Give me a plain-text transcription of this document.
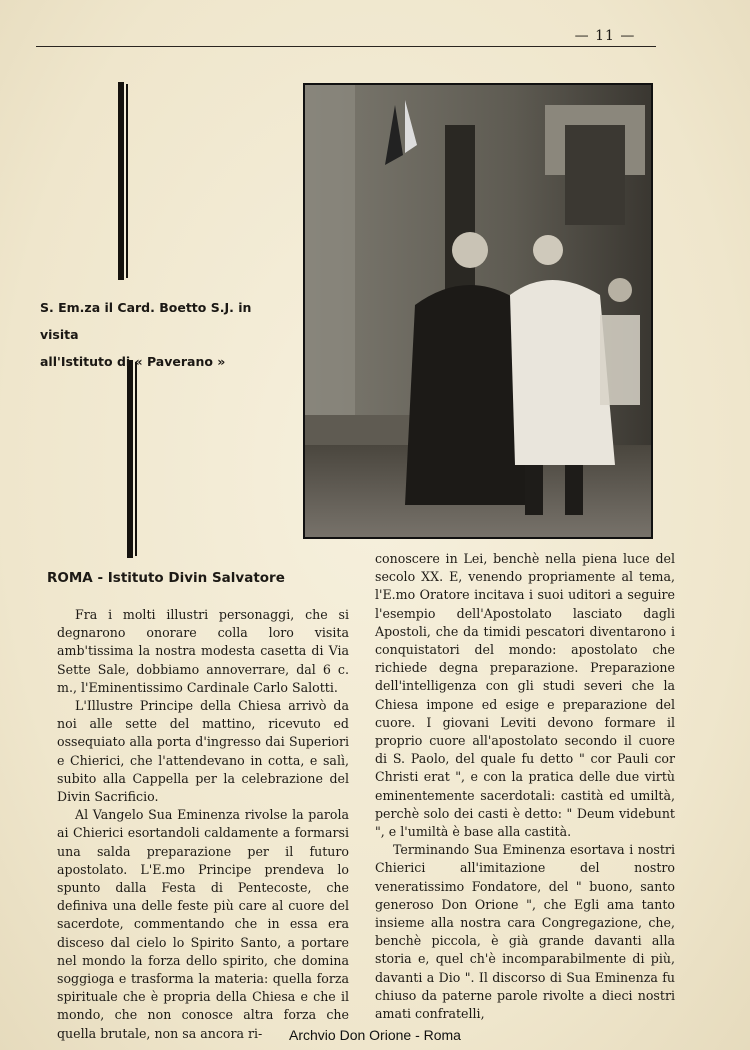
— 11 —
S. Em.za il Card. Boetto S.J. in visita
all'Istituto di « Paverano »
ROMA - Istituto Divin Salvatore

Fra i molti illustri personaggi, che si degnarono onorare colla loro visita amb'tissima la nostra modesta casetta di Via Sette Sale, dobbiamo annoverrare, dal 6 c. m., l'Eminentissimo Cardinale Carlo Salotti.

L'Illustre Principe della Chiesa arrivò da noi alle sette del mattino, ricevuto ed ossequiato alla porta d'ingresso dai Superiori e Chierici, che l'attendevano in cotta, e salì, subito alla Cappella per la celebrazione del Divin Sacrificio.

Al Vangelo Sua Eminenza rivolse la parola ai Chierici esortandoli caldamente a formarsi una salda preparazione per il futuro apostolato. L'E.mo Principe prendeva lo spunto dalla Festa di Pentecoste, che definiva una delle feste più care al cuore del sacerdote, commentando che in essa era disceso dal cielo lo Spirito Santo, a portare nel mondo la forza dello spirito, che domina soggioga e trasforma la materia: quella forza spirituale che è propria della Chiesa e che il mondo, che non conosce altra forza che quella brutale, non sa ancora ri-

conoscere in Lei, benchè nella piena luce del secolo XX. E, venendo propriamente al tema, l'E.mo Oratore incitava i suoi uditori a seguire l'esempio dell'Apostolato lasciato dagli Apostoli, che da timidi pescatori diventarono i conquistatori del mondo: apostolato che richiede degna preparazione. Preparazione dell'intelligenza con gli studi severi che la Chiesa impone ed esige e preparazione del cuore. I giovani Leviti devono formare il proprio cuore all'apostolato secondo il cuore di S. Paolo, del quale fu detto " cor Pauli cor Christi erat ", e con la pratica delle due virtù eminentemente sacerdotali: castità ed umiltà, perchè solo dei casti è detto: " Deum videbunt ", e l'umiltà è base alla castità.

Terminando Sua Eminenza esortava i nostri Chierici all'imitazione del nostro veneratissimo Fondatore, del " buono, santo generoso Don Orione ", che Egli ama tanto insieme alla nostra cara Congregazione, che, benchè piccola, è già grande davanti alla storia e, quel ch'è incomparabilmente di più, davanti a Dio ". Il discorso di Sua Eminenza fu chiuso da paterne parole rivolte a dieci nostri amati confratelli,

Archvio Don Orione - Roma
